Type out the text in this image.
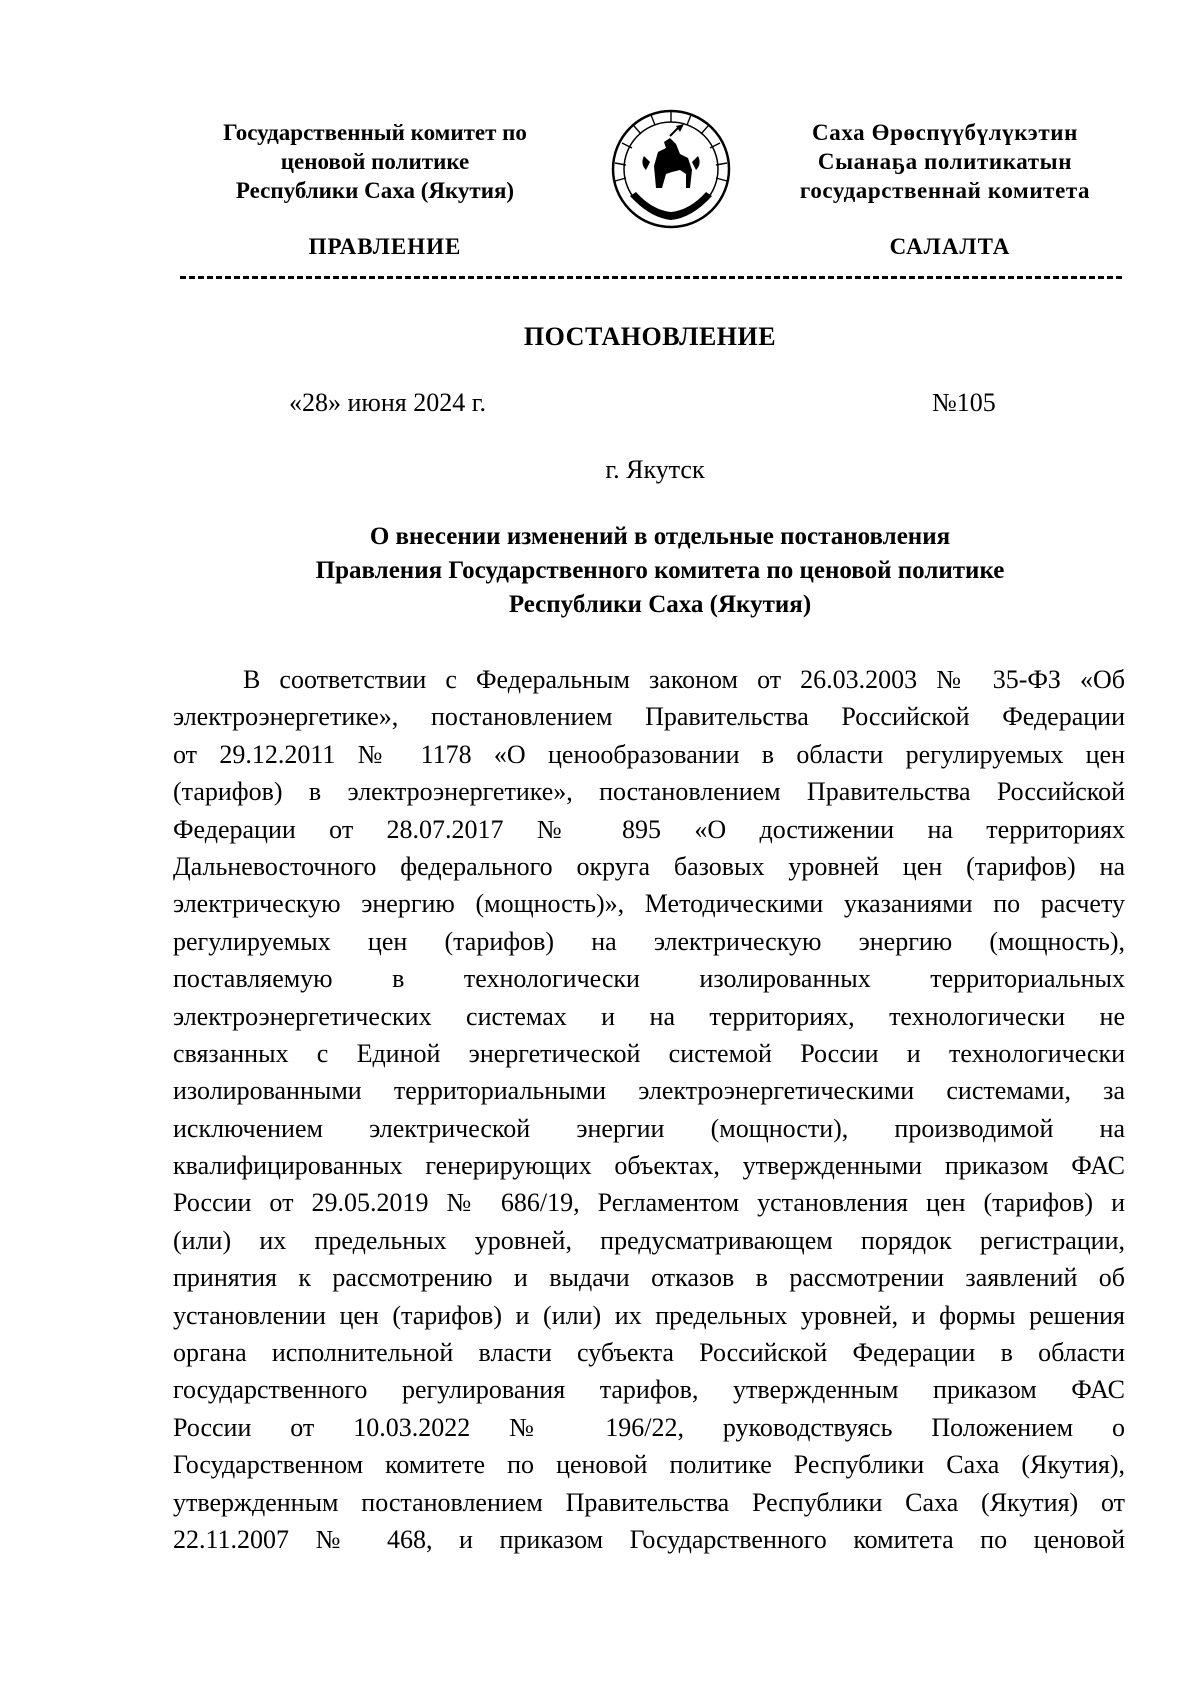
Государственный комитет по
ценовой политике
Республики Саха (Якутия)
Саха Өрөспүүбүлүкэтин
Сыанаҕа политикатын
государственнай комитета
ПРАВЛЕНИЕ	САЛАЛТА
ПОСТАНОВЛЕНИЕ
«28» июня 2024 г.	№105
г. Якутск
О внесении изменений в отдельные постановления
Правления Государственного комитета по ценовой политике
Республики Саха (Якутия)
В соответствии с Федеральным законом от 26.03.2003 № 35-ФЗ «Об
электроэнергетике», постановлением Правительства Российской Федерации
от 29.12.2011 № 1178 «О ценообразовании в области регулируемых цен
(тарифов) в электроэнергетике», постановлением Правительства Российской
Федерации от 28.07.2017 № 895 «О достижении на территориях
Дальневосточного федерального округа базовых уровней цен (тарифов) на
электрическую энергию (мощность)», Методическими указаниями по расчету
регулируемых цен (тарифов) на электрическую энергию (мощность),
поставляемую в технологически изолированных территориальных
электроэнергетических системах и на территориях, технологически не
связанных с Единой энергетической системой России и технологически
изолированными территориальными электроэнергетическими системами, за
исключением электрической энергии (мощности), производимой на
квалифицированных генерирующих объектах, утвержденными приказом ФАС
России от 29.05.2019 № 686/19, Регламентом установления цен (тарифов) и
(или) их предельных уровней, предусматривающем порядок регистрации,
принятия к рассмотрению и выдачи отказов в рассмотрении заявлений об
установлении цен (тарифов) и (или) их предельных уровней, и формы решения
органа исполнительной власти субъекта Российской Федерации в области
государственного регулирования тарифов, утвержденным приказом ФАС
России от 10.03.2022 № 196/22, руководствуясь Положением о
Государственном комитете по ценовой политике Республики Саха (Якутия),
утвержденным постановлением Правительства Республики Саха (Якутия) от
22.11.2007 № 468, и приказом Государственного комитета по ценовой
